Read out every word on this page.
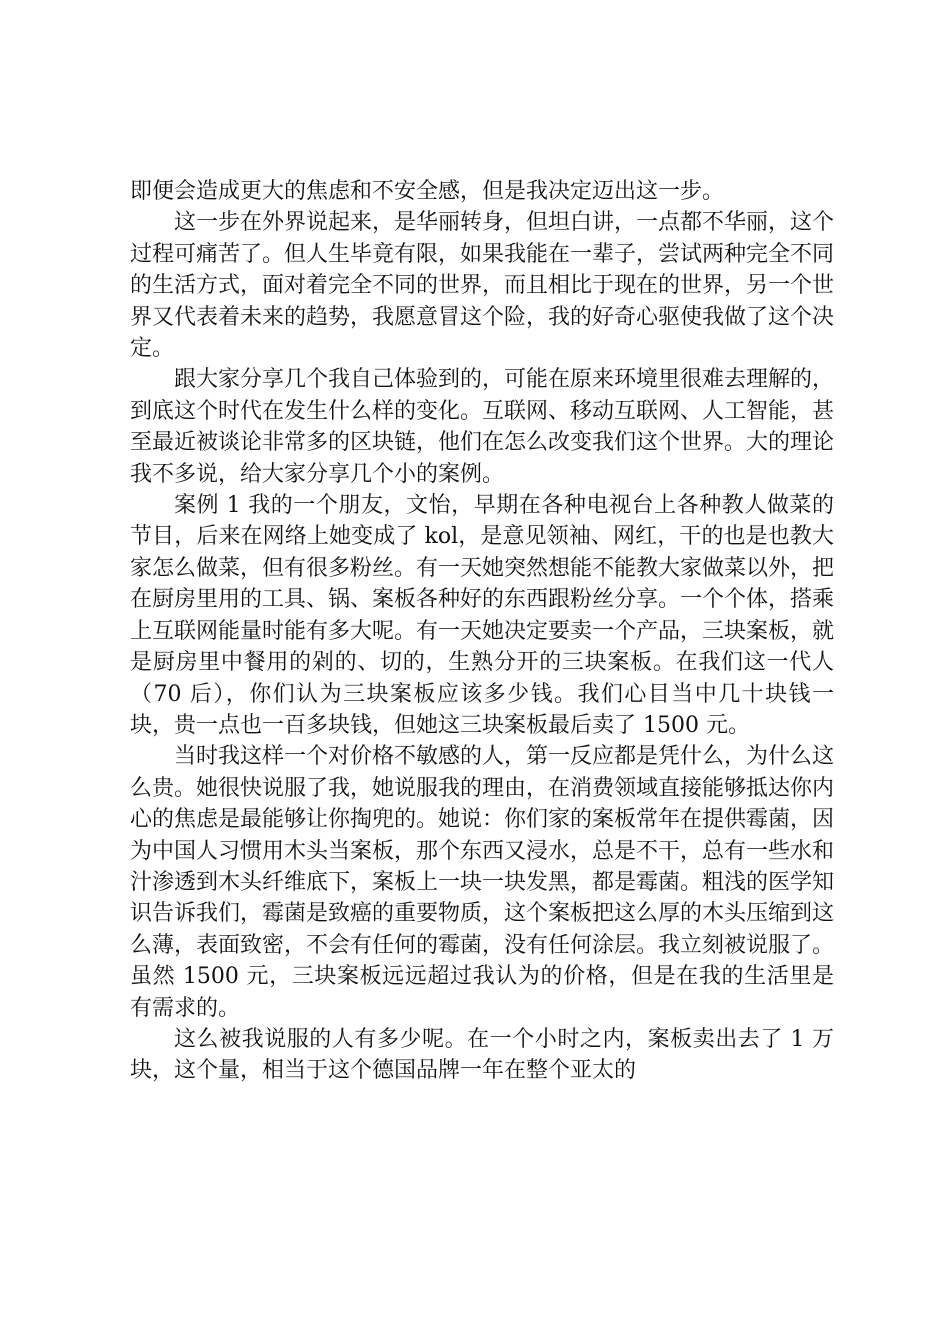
即便会造成更大的焦虑和不安全感，但是我决定迈出这一步。

这一步在外界说起来，是华丽转身，但坦白讲，一点都不华丽，这个过程可痛苦了。但人生毕竟有限，如果我能在一辈子，尝试两种完全不同的生活方式，面对着完全不同的世界，而且相比于现在的世界，另一个世界又代表着未来的趋势，我愿意冒这个险，我的好奇心驱使我做了这个决定。

跟大家分享几个我自己体验到的，可能在原来环境里很难去理解的，到底这个时代在发生什么样的变化。互联网、移动互联网、人工智能，甚至最近被谈论非常多的区块链，他们在怎么改变我们这个世界。大的理论我不多说，给大家分享几个小的案例。

案例 1 我的一个朋友，文怡，早期在各种电视台上各种教人做菜的节目，后来在网络上她变成了 kol，是意见领袖、网红，干的也是也教大家怎么做菜，但有很多粉丝。有一天她突然想能不能教大家做菜以外，把在厨房里用的工具、锅、案板各种好的东西跟粉丝分享。一个个体，搭乘上互联网能量时能有多大呢。有一天她决定要卖一个产品，三块案板，就是厨房里中餐用的剁的、切的，生熟分开的三块案板。在我们这一代人（70 后），你们认为三块案板应该多少钱。我们心目当中几十块钱一块，贵一点也一百多块钱，但她这三块案板最后卖了 1500 元。

当时我这样一个对价格不敏感的人，第一反应都是凭什么，为什么这么贵。她很快说服了我，她说服我的理由，在消费领域直接能够抵达你内心的焦虑是最能够让你掏兜的。她说：你们家的案板常年在提供霉菌，因为中国人习惯用木头当案板，那个东西又浸水，总是不干，总有一些水和汁渗透到木头纤维底下，案板上一块一块发黑，都是霉菌。粗浅的医学知识告诉我们，霉菌是致癌的重要物质，这个案板把这么厚的木头压缩到这么薄，表面致密，不会有任何的霉菌，没有任何涂层。我立刻被说服了。虽然 1500 元，三块案板远远超过我认为的价格，但是在我的生活里是有需求的。

这么被我说服的人有多少呢。在一个小时之内，案板卖出去了 1 万块，这个量，相当于这个德国品牌一年在整个亚太的
